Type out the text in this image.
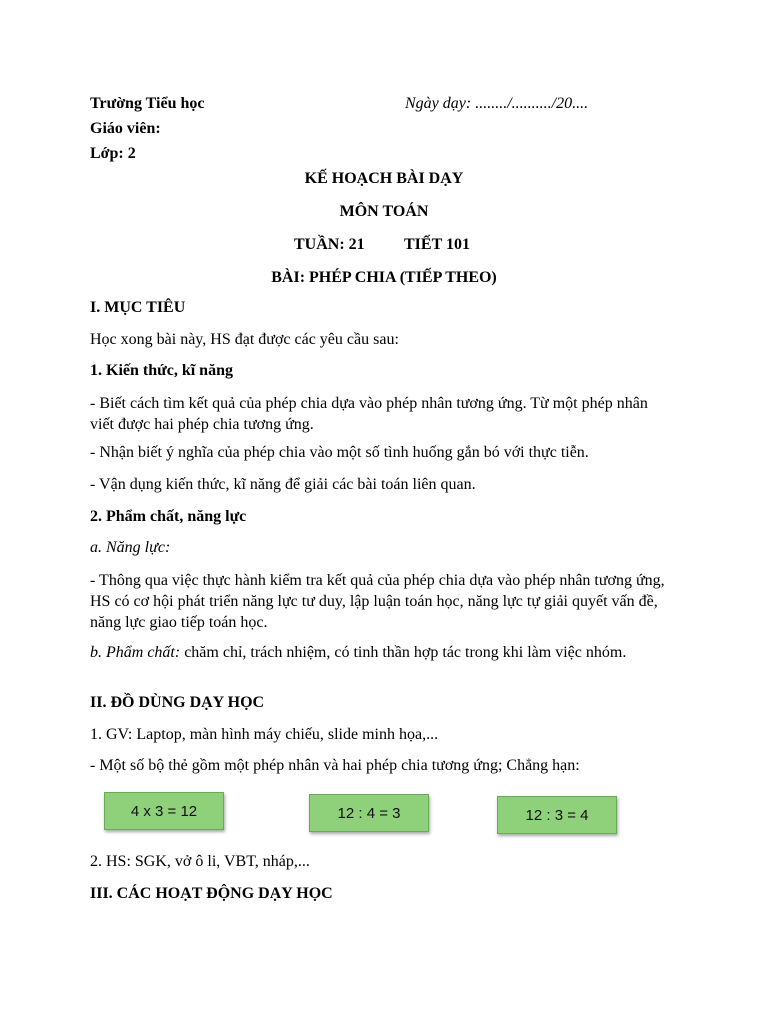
Trường Tiểu học	Ngày dạy: ......../........../20....

Giáo viên:

Lớp: 2

KẾ HOẠCH BÀI DẠY

MÔN TOÁN

TUẦN: 21 TIẾT 101

BÀI: PHÉP CHIA (TIẾP THEO)

I. MỤC TIÊU

Học xong bài này, HS đạt được các yêu cầu sau:

1. Kiến thức, kĩ năng

- Biết cách tìm kết quả của phép chia dựa vào phép nhân tương ứng. Từ một phép nhân viết được hai phép chia tương ứng.

- Nhận biết ý nghĩa của phép chia vào một số tình huống gắn bó với thực tiễn.

- Vận dụng kiến thức, kĩ năng để giải các bài toán liên quan.

2. Phẩm chất, năng lực

a. Năng lực:

- Thông qua việc thực hành kiểm tra kết quả của phép chia dựa vào phép nhân tương ứng, HS có cơ hội phát triển năng lực tư duy, lập luận toán học, năng lực tự giải quyết vấn đề, năng lực giao tiếp toán học.

b. Phẩm chất: chăm chỉ, trách nhiệm, có tinh thần hợp tác trong khi làm việc nhóm.

II. ĐỒ DÙNG DẠY HỌC

1. GV: Laptop, màn hình máy chiếu, slide minh họa,...

- Một số bộ thẻ gồm một phép nhân và hai phép chia tương ứng; Chẳng hạn:

4 x 3 = 12	12 : 4 = 3	12 : 3 = 4

2. HS: SGK, vở ô li, VBT, nháp,...

III. CÁC HOẠT ĐỘNG DẠY HỌC
